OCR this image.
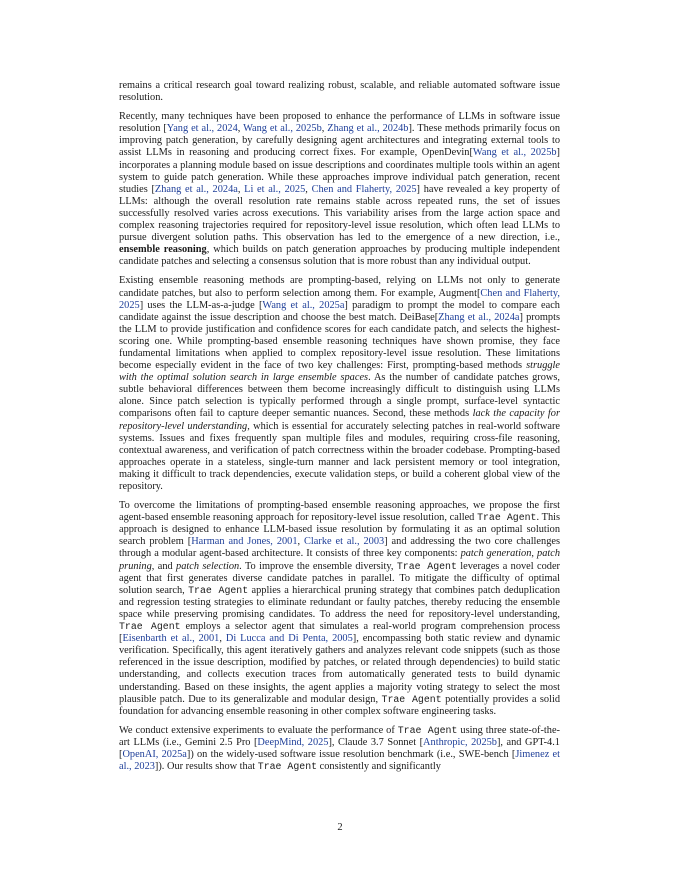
remains a critical research goal toward realizing robust, scalable, and reliable automated software issue resolution.

Recently, many techniques have been proposed to enhance the performance of LLMs in software issue resolution [Yang et al., 2024, Wang et al., 2025b, Zhang et al., 2024b]. These methods primarily focus on improving patch generation, by carefully designing agent architectures and integrating external tools to assist LLMs in reasoning and producing correct fixes. For example, OpenDevin[Wang et al., 2025b] incorporates a planning module based on issue descriptions and coordinates multiple tools within an agent system to guide patch generation. While these approaches improve individual patch generation, recent studies [Zhang et al., 2024a, Li et al., 2025, Chen and Flaherty, 2025] have revealed a key property of LLMs: although the overall resolution rate remains stable across repeated runs, the set of issues successfully resolved varies across executions. This variability arises from the large action space and complex reasoning trajectories required for repository-level issue resolution, which often lead LLMs to pursue divergent solution paths. This observation has led to the emergence of a new direction, i.e., ensemble reasoning, which builds on patch generation approaches by producing multiple independent candidate patches and selecting a consensus solution that is more robust than any individual output.

Existing ensemble reasoning methods are prompting-based, relying on LLMs not only to generate candidate patches, but also to perform selection among them. For example, Augment[Chen and Flaherty, 2025] uses the LLM-as-a-judge [Wang et al., 2025a] paradigm to prompt the model to compare each candidate against the issue description and choose the best match. DeiBase[Zhang et al., 2024a] prompts the LLM to provide justification and confidence scores for each candidate patch, and selects the highest-scoring one. While prompting-based ensemble reasoning techniques have shown promise, they face fundamental limitations when applied to complex repository-level issue resolution. These limitations become especially evident in the face of two key challenges: First, prompting-based methods struggle with the optimal solution search in large ensemble spaces. As the number of candidate patches grows, subtle behavioral differences between them become increasingly difficult to distinguish using LLMs alone. Since patch selection is typically performed through a single prompt, surface-level syntactic comparisons often fail to capture deeper semantic nuances. Second, these methods lack the capacity for repository-level understanding, which is essential for accurately selecting patches in real-world software systems. Issues and fixes frequently span multiple files and modules, requiring cross-file reasoning, contextual awareness, and verification of patch correctness within the broader codebase. Prompting-based approaches operate in a stateless, single-turn manner and lack persistent memory or tool integration, making it difficult to track dependencies, execute validation steps, or build a coherent global view of the repository.

To overcome the limitations of prompting-based ensemble reasoning approaches, we propose the first agent-based ensemble reasoning approach for repository-level issue resolution, called Trae Agent. This approach is designed to enhance LLM-based issue resolution by formulating it as an optimal solution search problem [Harman and Jones, 2001, Clarke et al., 2003] and addressing the two core challenges through a modular agent-based architecture. It consists of three key components: patch generation, patch pruning, and patch selection. To improve the ensemble diversity, Trae Agent leverages a novel coder agent that first generates diverse candidate patches in parallel. To mitigate the difficulty of optimal solution search, Trae Agent applies a hierarchical pruning strategy that combines patch deduplication and regression testing strategies to eliminate redundant or faulty patches, thereby reducing the ensemble space while preserving promising candidates. To address the need for repository-level understanding, Trae Agent employs a selector agent that simulates a real-world program comprehension process [Eisenbarth et al., 2001, Di Lucca and Di Penta, 2005], encompassing both static review and dynamic verification. Specifically, this agent iteratively gathers and analyzes relevant code snippets (such as those referenced in the issue description, modified by patches, or related through dependencies) to build static understanding, and collects execution traces from automatically generated tests to build dynamic understanding. Based on these insights, the agent applies a majority voting strategy to select the most plausible patch. Due to its generalizable and modular design, Trae Agent potentially provides a solid foundation for advancing ensemble reasoning in other complex software engineering tasks.

We conduct extensive experiments to evaluate the performance of Trae Agent using three state-of-the-art LLMs (i.e., Gemini 2.5 Pro [DeepMind, 2025], Claude 3.7 Sonnet [Anthropic, 2025b], and GPT-4.1 [OpenAI, 2025a]) on the widely-used software issue resolution benchmark (i.e., SWE-bench [Jimenez et al., 2023]). Our results show that Trae Agent consistently and significantly

2
